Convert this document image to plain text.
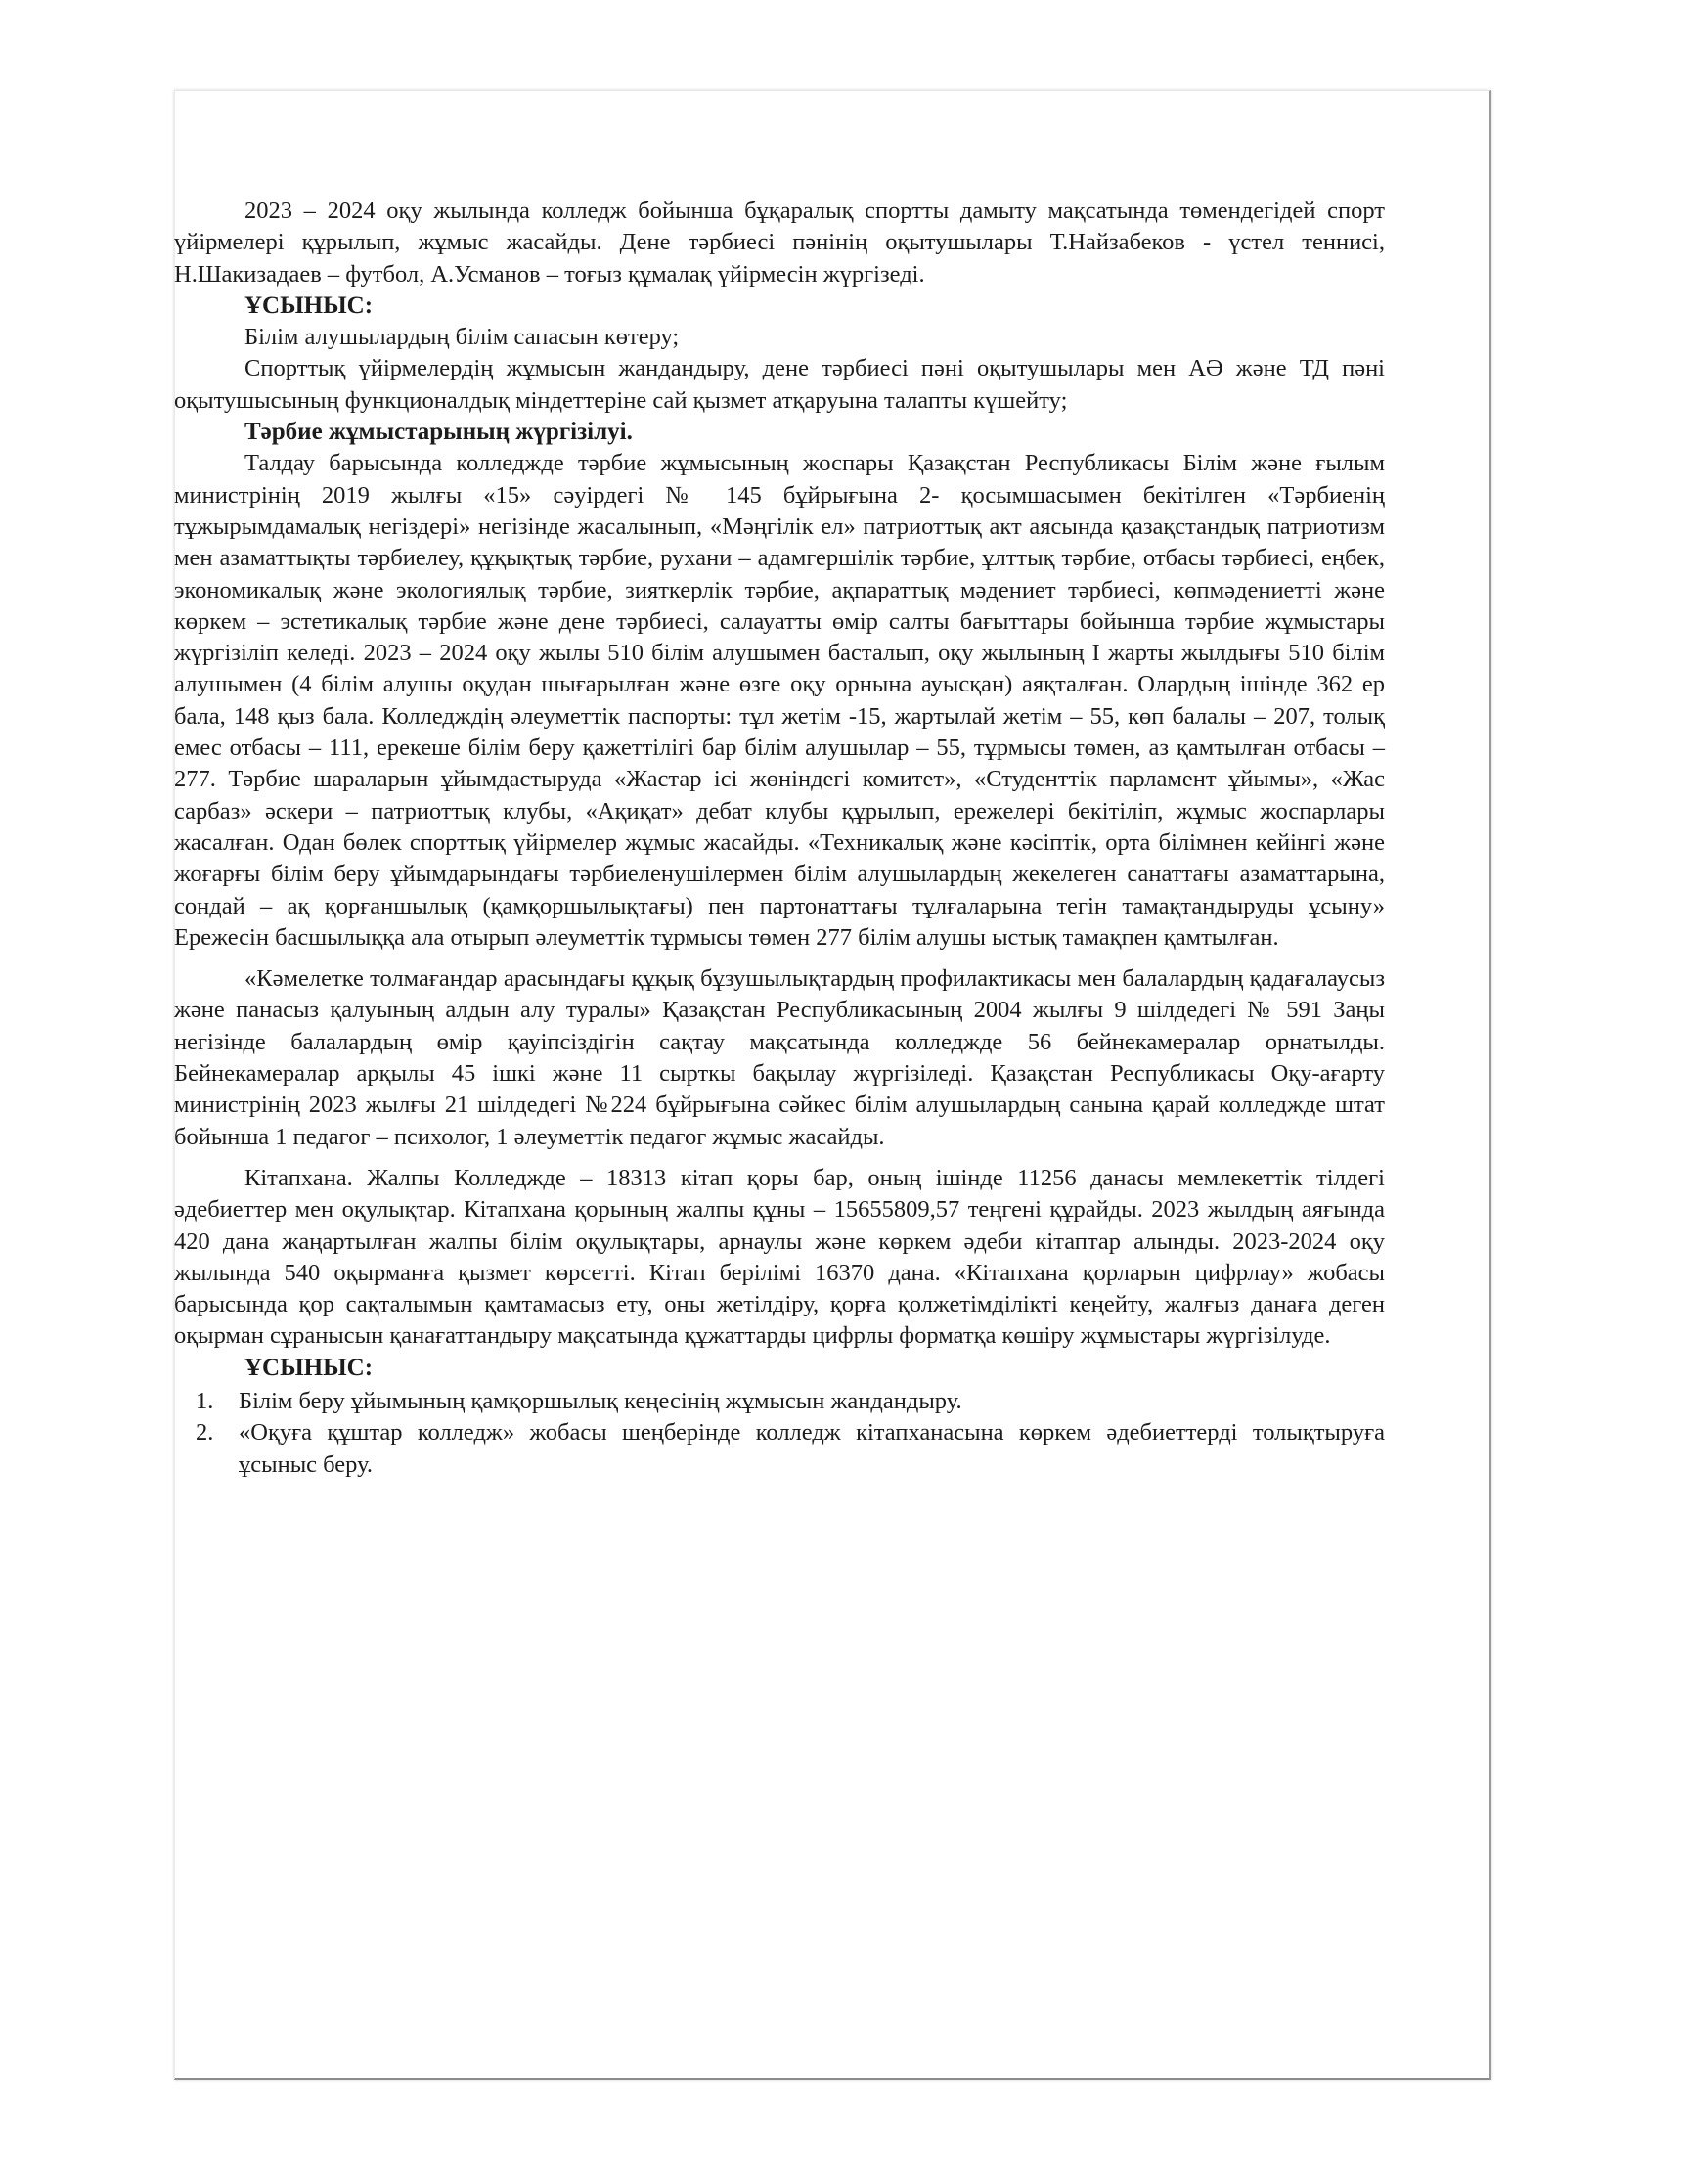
2023 – 2024 оқу жылында колледж бойынша бұқаралық спортты дамыту мақсатында төмендегідей спорт үйірмелері құрылып, жұмыс жасайды. Дене тәрбиесі пәнінің оқытушылары Т.Найзабеков - үстел теннисі, Н.Шакизадаев – футбол, А.Усманов – тоғыз құмалақ үйірмесін жүргізеді.

ҰСЫНЫС:

Білім алушылардың білім сапасын көтеру;

Спорттық үйірмелердің жұмысын жандандыру, дене тәрбиесі пәні оқытушылары мен АӘ және ТД пәні оқытушысының функционалдық міндеттеріне сай қызмет атқаруына талапты күшейту;

Тәрбие жұмыстарының жүргізілуі.

Талдау барысында колледжде тәрбие жұмысының жоспары Қазақстан Республикасы Білім және ғылым министрінің 2019 жылғы «15» сәуірдегі № 145 бұйрығына 2- қосымшасымен бекітілген «Тәрбиенің тұжырымдамалық негіздері» негізінде жасалынып, «Мәңгілік ел» патриоттық акт аясында қазақстандық патриотизм мен азаматтықты тәрбиелеу, құқықтық тәрбие, рухани – адамгершілік тәрбие, ұлттық тәрбие, отбасы тәрбиесі, еңбек, экономикалық және экологиялық тәрбие, зияткерлік тәрбие, ақпараттық мәдениет тәрбиесі, көпмәдениетті және көркем – эстетикалық тәрбие және дене тәрбиесі, салауатты өмір салты бағыттары бойынша тәрбие жұмыстары жүргізіліп келеді. 2023 – 2024 оқу жылы 510 білім алушымен басталып, оқу жылының І жарты жылдығы 510 білім алушымен (4 білім алушы оқудан шығарылған және өзге оқу орнына ауысқан) аяқталған. Олардың ішінде 362 ер бала, 148 қыз бала. Колледждің әлеуметтік паспорты: тұл жетім -15, жартылай жетім – 55, көп балалы – 207, толық емес отбасы – 111, ерекеше білім беру қажеттілігі бар білім алушылар – 55, тұрмысы төмен, аз қамтылған отбасы – 277. Тәрбие шараларын ұйымдастыруда «Жастар ісі жөніндегі комитет», «Студенттік парламент ұйымы», «Жас сарбаз» әскери – патриоттық клубы, «Ақиқат» дебат клубы құрылып, ережелері бекітіліп, жұмыс жоспарлары жасалған. Одан бөлек спорттық үйірмелер жұмыс жасайды. «Техникалық және кәсіптік, орта білімнен кейінгі және жоғарғы білім беру ұйымдарындағы тәрбиеленушілермен білім алушылардың жекелеген санаттағы азаматтарына, сондай – ақ қорғаншылық (қамқоршылықтағы) пен партонаттағы тұлғаларына тегін тамақтандыруды ұсыну» Ережесін басшылыққа ала отырып әлеуметтік тұрмысы төмен 277 білім алушы ыстық тамақпен қамтылған.

«Кәмелетке толмағандар арасындағы құқық бұзушылықтардың профилактикасы мен балалардың қадағалаусыз және панасыз қалуының алдын алу туралы» Қазақстан Республикасының 2004 жылғы 9 шілдедегі № 591 Заңы негізінде балалардың өмір қауіпсіздігін сақтау мақсатында колледжде 56 бейнекамералар орнатылды. Бейнекамералар арқылы 45 ішкі және 11 сырткы бақылау жүргізіледі. Қазақстан Республикасы Оқу-ағарту министрінің 2023 жылғы 21 шілдедегі №224 бұйрығына сәйкес білім алушылардың санына қарай колледжде штат бойынша 1 педагог – психолог, 1 әлеуметтік педагог жұмыс жасайды.

Кітапхана. Жалпы Колледжде – 18313 кітап қоры бар, оның ішінде 11256 данасы мемлекеттік тілдегі әдебиеттер мен оқулықтар. Кітапхана қорының жалпы құны – 15655809,57 теңгені құрайды. 2023 жылдың аяғында 420 дана жаңартылған жалпы білім оқулықтары, арнаулы және көркем әдеби кітаптар алынды. 2023-2024 оқу жылында 540 оқырманға қызмет көрсетті. Кітап берілімі 16370 дана. «Кітапхана қорларын цифрлау» жобасы барысында қор сақталымын қамтамасыз ету, оны жетілдіру, қорға қолжетімділікті кеңейту, жалғыз данаға деген оқырман сұранысын қанағаттандыру мақсатында құжаттарды цифрлы форматқа көшіру жұмыстары жүргізілуде.

ҰСЫНЫС:

1.	Білім беру ұйымының қамқоршылық кеңесінің жұмысын жандандыру.
2.	«Оқуға құштар колледж» жобасы шеңберінде колледж кітапханасына көркем әдебиеттерді толықтыруға ұсыныс беру.
